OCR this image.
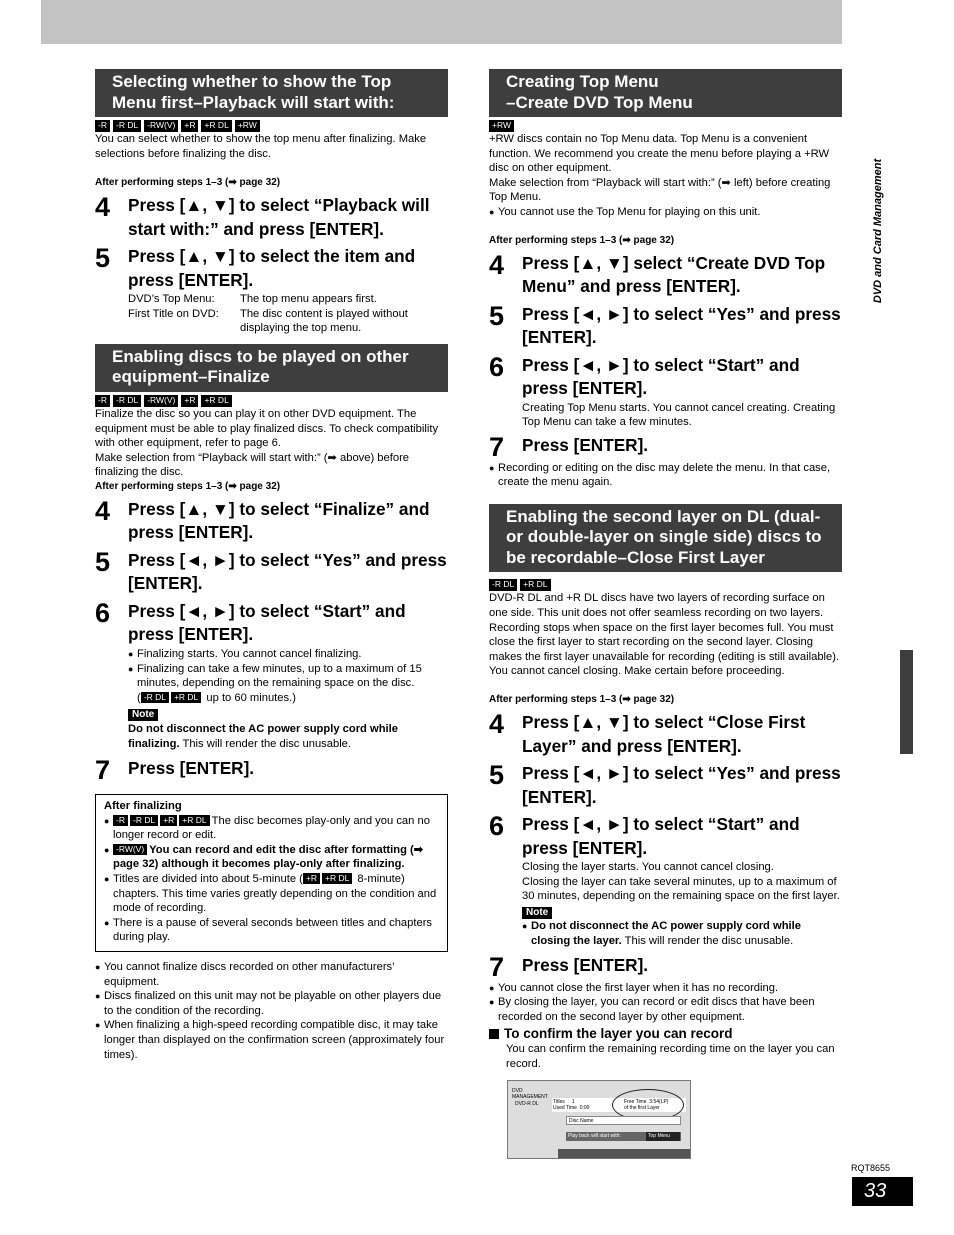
Selecting whether to show the Top Menu first–Playback will start with:
-R	-R DL	-RW(V)	+R	+R DL	+RW

You can select whether to show the top menu after finalizing. Make selections before finalizing the disc.

After performing steps 1–3 (➡ page 32)

4	Press [▲, ▼] to select “Playback will start with:” and press [ENTER].
5	Press [▲, ▼] to select the item and press [ENTER].
DVD’s Top Menu:	The top menu appears first.
First Title on DVD:	The disc content is played without displaying the top menu.
Enabling discs to be played on other equipment–Finalize
-R	-R DL	-RW(V)	+R	+R DL

Finalize the disc so you can play it on other DVD equipment. The equipment must be able to play finalized discs. To check compatibility with other equipment, refer to page 6.

Make selection from “Playback will start with:” (➡ above) before finalizing the disc.

After performing steps 1–3 (➡ page 32)

4	Press [▲, ▼] to select “Finalize” and press [ENTER].
5	Press [◄, ►] to select “Yes” and press [ENTER].
6	Press [◄, ►] to select “Start” and press [ENTER].
● Finalizing starts. You cannot cancel finalizing.
● Finalizing can take a few minutes, up to a maximum of 15 minutes, depending on the remaining space on the disc.
( -R DL +R DL up to 60 minutes.)
Note
Do not disconnect the AC power supply cord while finalizing. This will render the disc unusable.
7	Press [ENTER].
After finalizing
● -R -R DL +R +R DL The disc becomes play-only and you can no longer record or edit.
● -RW(V) You can record and edit the disc after formatting (➡ page 32) although it becomes play-only after finalizing.
● Titles are divided into about 5-minute ( +R +R DL 8-minute) chapters. This time varies greatly depending on the condition and mode of recording.
● There is a pause of several seconds between titles and chapters during play.
● You cannot finalize discs recorded on other manufacturers’ equipment.
● Discs finalized on this unit may not be playable on other players due to the condition of the recording.
● When finalizing a high-speed recording compatible disc, it may take longer than displayed on the confirmation screen (approximately four times).
Creating Top Menu
–Create DVD Top Menu
+RW

+RW discs contain no Top Menu data. Top Menu is a convenient function. We recommend you create the menu before playing a +RW disc on other equipment.

Make selection from “Playback will start with:” (➡ left) before creating Top Menu.

● You cannot use the Top Menu for playing on this unit.

After performing steps 1–3 (➡ page 32)

4	Press [▲, ▼] select “Create DVD Top Menu” and press [ENTER].
5	Press [◄, ►] to select “Yes” and press [ENTER].
6	Press [◄, ►] to select “Start” and press [ENTER].

Creating Top Menu starts. You cannot cancel creating. Creating Top Menu can take a few minutes.

7	Press [ENTER].
● Recording or editing on the disc may delete the menu. In that case, create the menu again.
Enabling the second layer on DL (dual- or double-layer on single side) discs to be recordable–Close First Layer
-R DL	+R DL

DVD-R DL and +R DL discs have two layers of recording surface on one side. This unit does not offer seamless recording on two layers. Recording stops when space on the first layer becomes full. You must close the first layer to start recording on the second layer. Closing makes the first layer unavailable for recording (editing is still available). You cannot cancel closing. Make certain before proceeding.

After performing steps 1–3 (➡ page 32)

4	Press [▲, ▼] to select “Close First Layer” and press [ENTER].
5	Press [◄, ►] to select “Yes” and press [ENTER].
6	Press [◄, ►] to select “Start” and press [ENTER].
Closing the layer starts. You cannot cancel closing.
Closing the layer can take several minutes, up to a maximum of 30 minutes, depending on the remaining space on the first layer.
Note
● Do not disconnect the AC power supply cord while closing the layer. This will render the disc unusable.
7	Press [ENTER].
● You cannot close the first layer when it has no recording.
● By closing the layer, you can record or edit discs that have been recorded on the second layer by other equipment.
To confirm the layer you can record

You can confirm the remaining recording time on the layer you can record.

DVD
MANAGEMENT
DVD-R DL	Titles 1
Used Time 0:00
Free Time 3:54(LP)
of the first Layer
Disc Name
Play back will start with:	Top Menu
DVD and Card Management
RQT8655
33
